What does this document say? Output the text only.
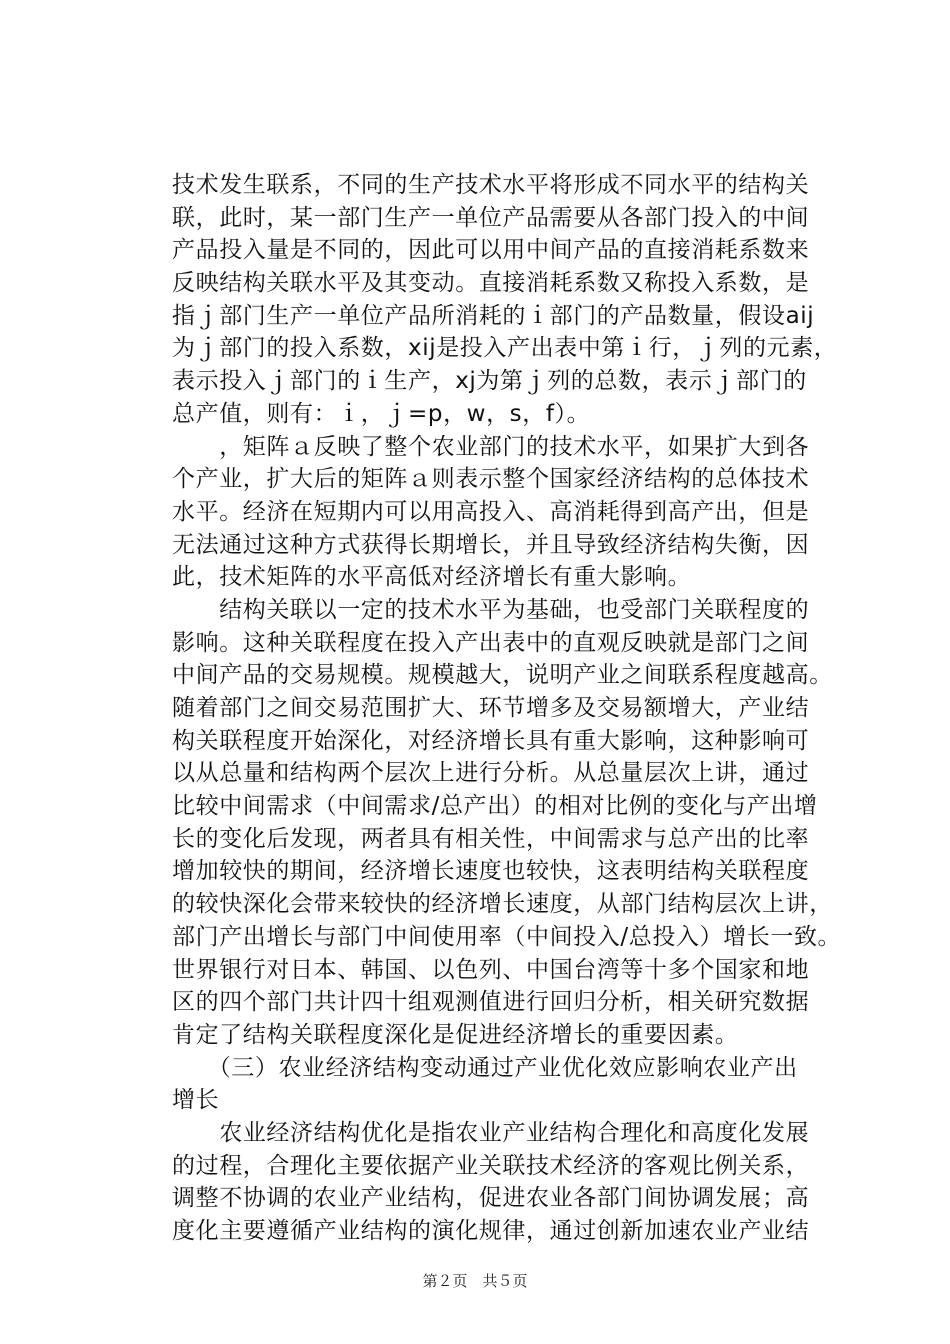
技术发生联系，不同的生产技术水平将形成不同水平的结构关
联，此时，某一部门生产一单位产品需要从各部门投入的中间
产品投入量是不同的，因此可以用中间产品的直接消耗系数来
反映结构关联水平及其变动。直接消耗系数又称投入系数，是
指ｊ部门生产一单位产品所消耗的ｉ部门的产品数量，假设aij
为ｊ部门的投入系数，xij是投入产出表中第ｉ行，ｊ列的元素，
表示投入ｊ部门的ｉ生产，xj为第ｊ列的总数，表示ｊ部门的
总产值，则有：ｉ，ｊ=p，w，s，f）。
　　，矩阵ａ反映了整个农业部门的技术水平，如果扩大到各
个产业，扩大后的矩阵ａ则表示整个国家经济结构的总体技术
水平。经济在短期内可以用高投入、高消耗得到高产出，但是
无法通过这种方式获得长期增长，并且导致经济结构失衡，因
此，技术矩阵的水平高低对经济增长有重大影响。
　　结构关联以一定的技术水平为基础，也受部门关联程度的
影响。这种关联程度在投入产出表中的直观反映就是部门之间
中间产品的交易规模。规模越大，说明产业之间联系程度越高。
随着部门之间交易范围扩大、环节增多及交易额增大，产业结
构关联程度开始深化，对经济增长具有重大影响，这种影响可
以从总量和结构两个层次上进行分析。从总量层次上讲，通过
比较中间需求（中间需求/总产出）的相对比例的变化与产出增
长的变化后发现，两者具有相关性，中间需求与总产出的比率
增加较快的期间，经济增长速度也较快，这表明结构关联程度
的较快深化会带来较快的经济增长速度，从部门结构层次上讲，
部门产出增长与部门中间使用率（中间投入/总投入）增长一致。
世界银行对日本、韩国、以色列、中国台湾等十多个国家和地
区的四个部门共计四十组观测值进行回归分析，相关研究数据
肯定了结构关联程度深化是促进经济增长的重要因素。
　　（三）农业经济结构变动通过产业优化效应影响农业产出
增长
　　农业经济结构优化是指农业产业结构合理化和高度化发展
的过程，合理化主要依据产业关联技术经济的客观比例关系，
调整不协调的农业产业结构，促进农业各部门间协调发展；高
度化主要遵循产业结构的演化规律，通过创新加速农业产业结
第２页　共５页
